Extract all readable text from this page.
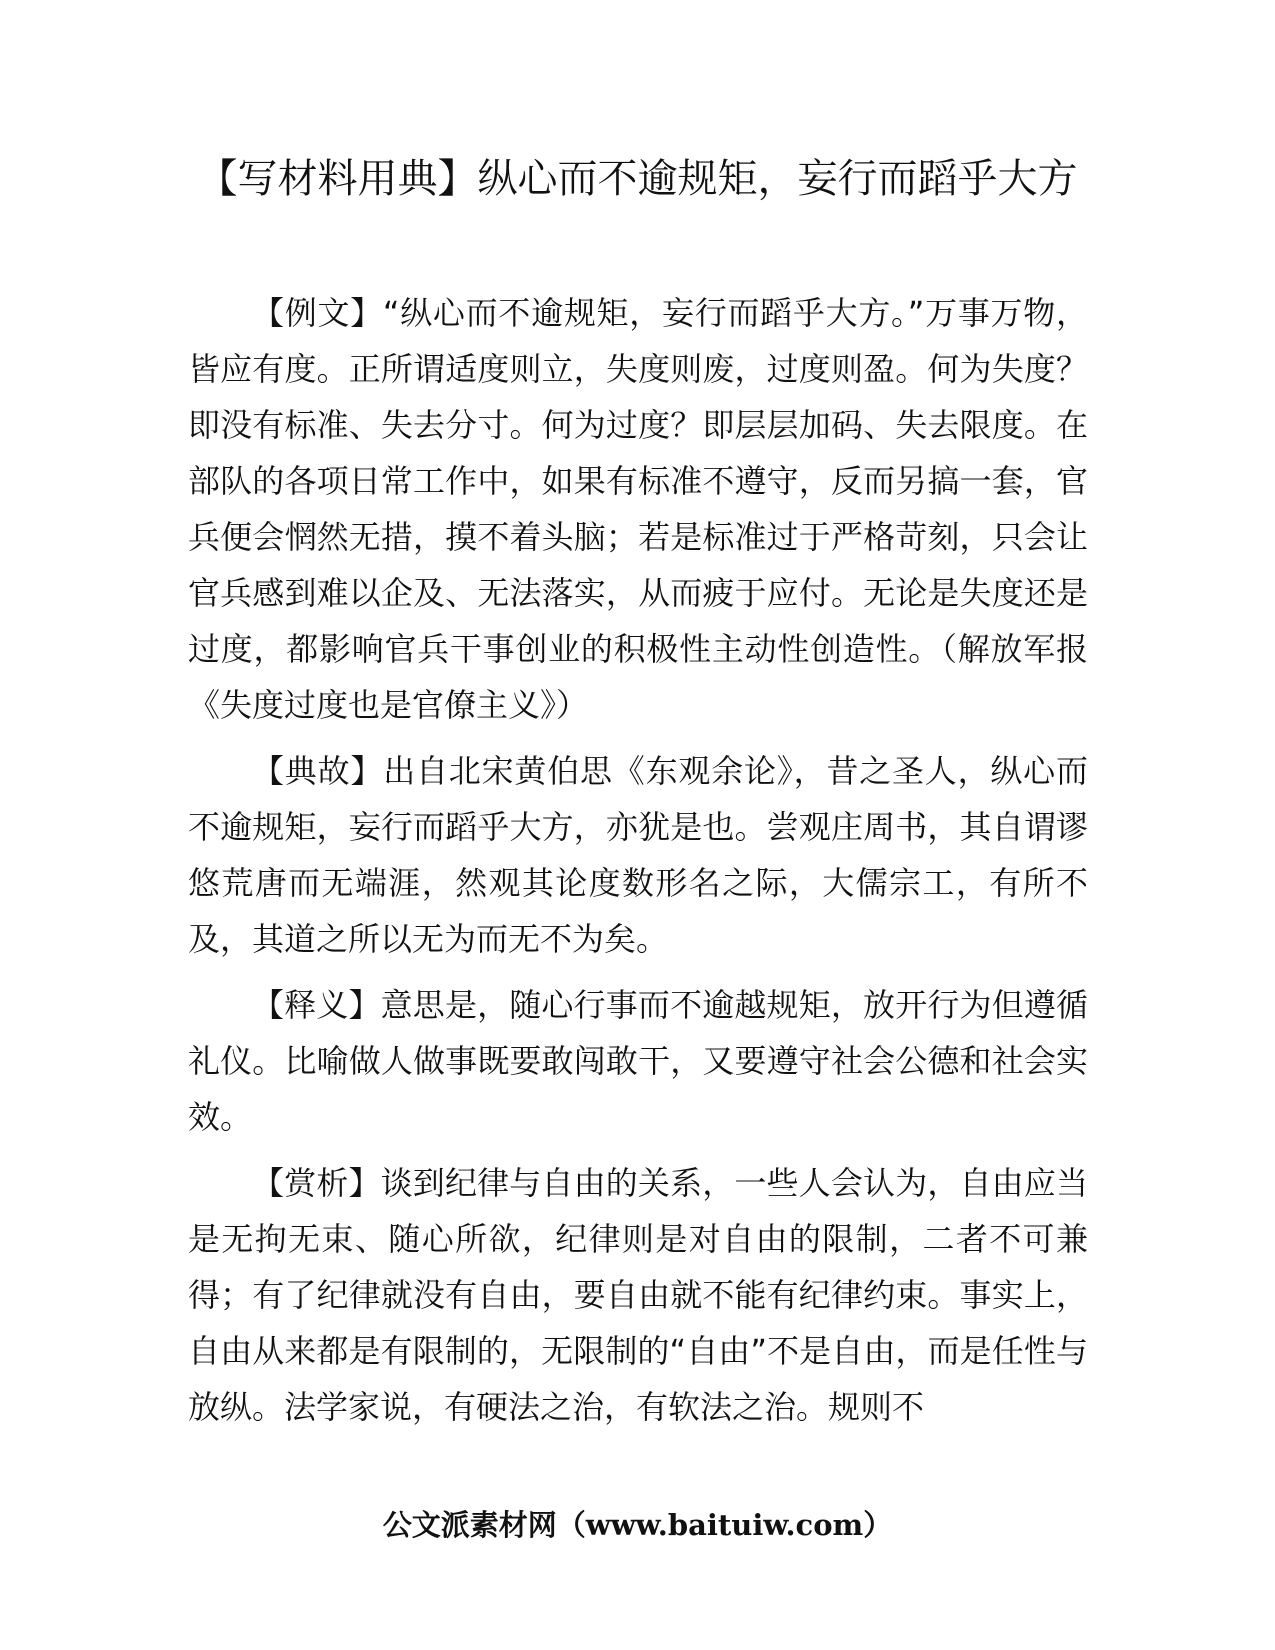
【写材料用典】纵心而不逾规矩，妄行而蹈乎大方

【例文】“纵心而不逾规矩，妄行而蹈乎大方。”万事万物，皆应有度。正所谓适度则立，失度则废，过度则盈。何为失度？即没有标准、失去分寸。何为过度？即层层加码、失去限度。在部队的各项日常工作中，如果有标准不遵守，反而另搞一套，官兵便会惘然无措，摸不着头脑；若是标准过于严格苛刻，只会让官兵感到难以企及、无法落实，从而疲于应付。无论是失度还是过度，都影响官兵干事创业的积极性主动性创造性。（解放军报《失度过度也是官僚主义》）

【典故】出自北宋黄伯思《东观余论》，昔之圣人，纵心而不逾规矩，妄行而蹈乎大方，亦犹是也。尝观庄周书，其自谓谬悠荒唐而无端涯，然观其论度数形名之际，大儒宗工，有所不及，其道之所以无为而无不为矣。

【释义】意思是，随心行事而不逾越规矩，放开行为但遵循礼仪。比喻做人做事既要敢闯敢干，又要遵守社会公德和社会实效。

【赏析】谈到纪律与自由的关系，一些人会认为，自由应当是无拘无束、随心所欲，纪律则是对自由的限制，二者不可兼得；有了纪律就没有自由，要自由就不能有纪律约束。事实上，自由从来都是有限制的，无限制的“自由”不是自由，而是任性与放纵。法学家说，有硬法之治，有软法之治。规则不

公文派素材网（www.baituiw.com）
